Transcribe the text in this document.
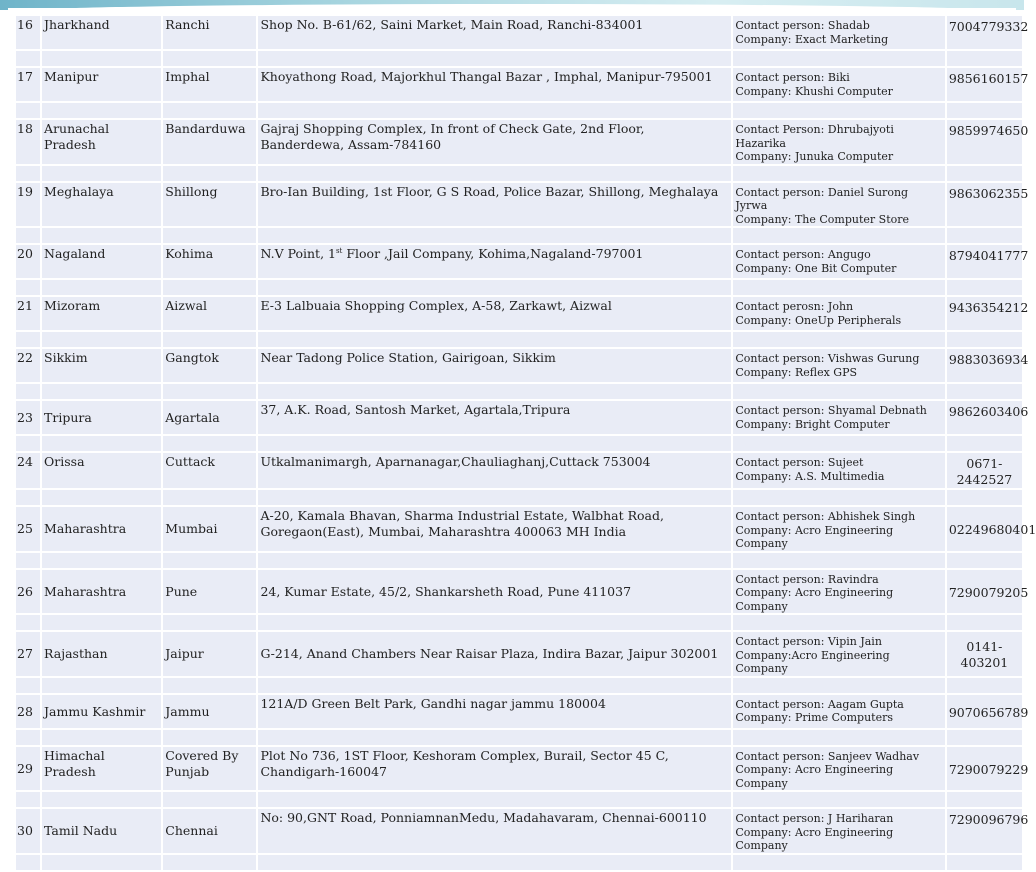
16	Jharkhand	Ranchi	Shop No. B-61/62, Saini Market, Main Road, Ranchi-834001	Contact person: Shadab
Company: Exact Marketing	7004779332

17	Manipur	Imphal	Khoyathong Road, Majorkhul Thangal Bazar , Imphal, Manipur-795001	Contact person: Biki
Company: Khushi Computer	9856160157

18	Arunachal Pradesh	Bandarduwa	Gajraj Shopping Complex, In front of Check Gate, 2nd Floor, Banderdewa, Assam-784160	Contact Person: Dhrubajyoti Hazarika
Company: Junuka Computer	9859974650

19	Meghalaya	Shillong	Bro-Ian Building, 1st Floor, G S Road, Police Bazar, Shillong, Meghalaya	Contact person: Daniel Surong Jyrwa
Company: The Computer Store	9863062355

20	Nagaland	Kohima	N.V Point, 1st Floor ,Jail Company, Kohima,Nagaland-797001	Contact person: Angugo
Company: One Bit Computer	8794041777

21	Mizoram	Aizwal	E-3 Lalbuaia Shopping Complex, A-58, Zarkawt, Aizwal	Contact perosn: John
Company: OneUp Peripherals	9436354212

22	Sikkim	Gangtok	Near Tadong Police Station, Gairigoan, Sikkim	Contact person: Vishwas Gurung
Company: Reflex GPS	9883036934

23	Tripura	Agartala	37, A.K. Road, Santosh Market, Agartala,Tripura	Contact person: Shyamal Debnath
Company: Bright Computer	9862603406

24	Orissa	Cuttack	Utkalmanimargh, Aparnanagar,Chauliaghanj,Cuttack 753004	Contact person: Sujeet
Company: A.S. Multimedia	0671-2442527

25	Maharashtra	Mumbai	A-20, Kamala Bhavan, Sharma Industrial Estate, Walbhat Road, Goregaon(East), Mumbai, Maharashtra 400063 MH India	Contact person: Abhishek Singh
Company: Acro Engineering Company	02249680401

26	Maharashtra	Pune	24, Kumar Estate, 45/2, Shankarsheth Road, Pune 411037	Contact person: Ravindra
Company: Acro Engineering Company	7290079205

27	Rajasthan	Jaipur	G-214, Anand Chambers Near Raisar Plaza, Indira Bazar, Jaipur 302001	Contact person: Vipin Jain
Company:Acro Engineering Company	0141-403201

28	Jammu Kashmir	Jammu	121A/D Green Belt Park, Gandhi nagar jammu 180004	Contact person: Aagam Gupta
Company: Prime Computers	9070656789

29	Himachal Pradesh	Covered By Punjab	Plot No 736, 1ST Floor, Keshoram Complex, Burail, Sector 45 C, Chandigarh-160047	Contact person: Sanjeev Wadhav
Company: Acro Engineering Company	7290079229

30	Tamil Nadu	Chennai	No: 90,GNT Road, PonniamnanMedu, Madahavaram, Chennai-600110	Contact person: J Hariharan
Company: Acro Engineering Company	7290096796
